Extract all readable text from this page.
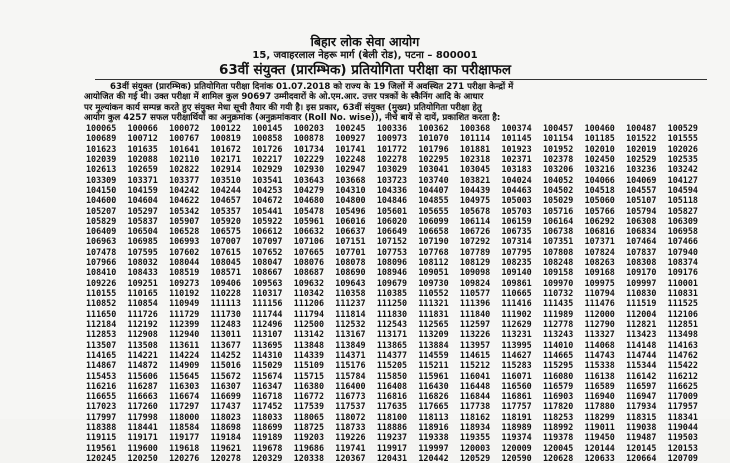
बिहार लोक सेवा आयोग
15, जवाहरलाल नेहरू मार्ग (बेली रोड), पटना – 800001
63वीं संयुक्त (प्रारम्भिक) प्रतियोगिता परीक्षा का परीक्षाफल
63वीं संयुक्त (प्रारम्भिक) प्रतियोगिता परीक्षा दिनांक 01.07.2018 को राज्य के 19 जिलों में अवस्थित 271 परीक्षा केन्द्रों में
आयोजित की गई थी। उक्त परीक्षा में शामिल कुल 90697 उम्मीदवारों के ओ.एम.आर. उत्तर पत्रकों के स्कैनिंग आदि के आधार
पर मूल्यांकन कार्य सम्पन्न करते हुए संयुक्त मेधा सूची तैयार की गयी है। इस प्रकार, 63वीं संयुक्त (मुख्य) प्रतियोगिता परीक्षा हेतु
आयोग कुल 4257 सफल परीक्षार्थियों का अनुक्रमांक (अनुक्रमांकवार (Roll No. wise)), नीचे बायें से दायें, प्रकाशित करता है:
100065 100066 100072 100122 100145 100203 100245 100336 100362 100368 100374 100457 100460 100487 100529
100689 100712 100767 100819 100858 100878 100927 100973 101070 101114 101145 101154 101185 101522 101555
101623 101635 101641 101672 101726 101734 101741 101772 101796 101881 101923 101952 102010 102019 102026
102039 102088 102110 102171 102217 102229 102248 102278 102295 102318 102371 102378 102450 102529 102535
102613 102659 102822 102914 102929 102930 102947 103029 103041 103045 103183 103206 103216 103236 103242
103309 103371 103377 103510 103541 103643 103668 103723 103740 103821 104024 104052 104066 104069 104127
104150 104159 104242 104244 104253 104279 104310 104336 104407 104439 104463 104502 104518 104557 104594
104600 104604 104622 104657 104672 104680 104800 104846 104855 104975 105003 105029 105060 105107 105118
105207 105297 105342 105357 105441 105478 105496 105601 105655 105678 105703 105716 105766 105794 105827
105829 105837 105907 105920 105922 105961 106016 106020 106099 106114 106159 106164 106292 106308 106309
106409 106504 106528 106575 106612 106632 106637 106649 106658 106726 106735 106738 106816 106834 106958
106963 106985 106993 107007 107097 107106 107151 107152 107190 107292 107314 107351 107371 107464 107466
107478 107595 107602 107615 107652 107665 107701 107753 107768 107789 107795 107808 107824 107837 107940
107966 108032 108044 108045 108047 108076 108078 108096 108112 108129 108235 108248 108263 108308 108374
108410 108433 108519 108571 108667 108687 108690 108946 109051 109098 109140 109158 109168 109170 109176
109226 109251 109273 109406 109563 109632 109643 109679 109730 109824 109861 109970 109975 109997 110001
110155 110165 110192 110228 110317 110342 110358 110385 110552 110577 110665 110732 110794 110830 110831
110852 110854 110949 111113 111156 111206 111237 111250 111321 111396 111416 111435 111476 111519 111525
111650 111726 111729 111730 111744 111794 111814 111830 111831 111840 111902 111989 112000 112004 112106
112184 112192 112399 112483 112496 112500 112532 112543 112565 112597 112629 112778 112790 112821 112851
112853 112908 112940 113011 113107 113142 113167 113171 113209 113226 113231 113243 113327 113423 113498
113507 113508 113611 113677 113695 113848 113849 113865 113884 113957 113995 114010 114068 114148 114163
114165 114221 114224 114252 114310 114339 114371 114377 114559 114615 114627 114665 114743 114744 114762
114867 114872 114909 115016 115029 115109 115176 115205 115211 115212 115283 115295 115338 115344 115422
115453 115606 115645 115672 115674 115715 115784 115850 115961 116041 116071 116080 116138 116142 116212
116216 116287 116303 116307 116347 116380 116400 116408 116430 116448 116560 116579 116589 116597 116625
116655 116663 116674 116699 116718 116772 116773 116816 116826 116844 116861 116903 116940 116947 117009
117023 117260 117297 117437 117452 117539 117537 117635 117665 117738 117757 117820 117880 117934 117957
117997 117998 118000 118023 118033 118065 118072 118100 118113 118162 118191 118253 118299 118315 118341
118388 118441 118584 118698 118699 118725 118733 118886 118916 118934 118989 118992 119011 119038 119044
119115 119171 119177 119184 119189 119203 119226 119237 119338 119355 119374 119378 119450 119487 119503
119561 119600 119618 119621 119678 119686 119741 119917 119997 120003 120009 120045 120144 120145 120153
120245 120250 120276 120278 120329 120338 120367 120431 120442 120529 120590 120628 120633 120664 120709
